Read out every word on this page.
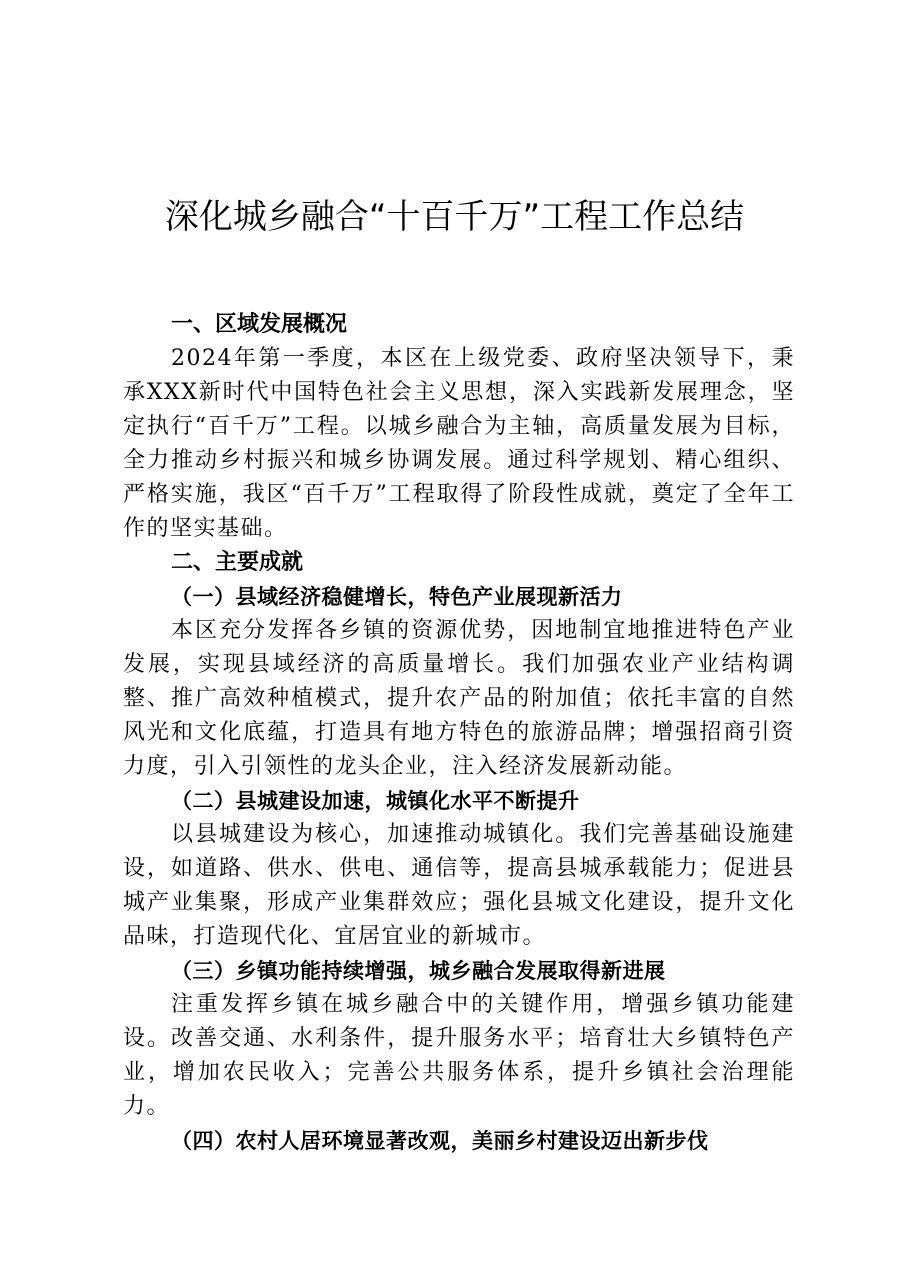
深化城乡融合“十百千万”工程工作总结
一、区域发展概况

2024年第一季度，本区在上级党委、政府坚决领导下，秉承XXX新时代中国特色社会主义思想，深入实践新发展理念，坚定执行“百千万”工程。以城乡融合为主轴，高质量发展为目标，全力推动乡村振兴和城乡协调发展。通过科学规划、精心组织、严格实施，我区“百千万”工程取得了阶段性成就，奠定了全年工作的坚实基础。

二、主要成就
（一）县域经济稳健增长，特色产业展现新活力

本区充分发挥各乡镇的资源优势，因地制宜地推进特色产业发展，实现县域经济的高质量增长。我们加强农业产业结构调整、推广高效种植模式，提升农产品的附加值；依托丰富的自然风光和文化底蕴，打造具有地方特色的旅游品牌；增强招商引资力度，引入引领性的龙头企业，注入经济发展新动能。

（二）县城建设加速，城镇化水平不断提升

以县城建设为核心，加速推动城镇化。我们完善基础设施建设，如道路、供水、供电、通信等，提高县城承载能力；促进县城产业集聚，形成产业集群效应；强化县城文化建设，提升文化品味，打造现代化、宜居宜业的新城市。

（三）乡镇功能持续增强，城乡融合发展取得新进展

注重发挥乡镇在城乡融合中的关键作用，增强乡镇功能建设。改善交通、水利条件，提升服务水平；培育壮大乡镇特色产业，增加农民收入；完善公共服务体系，提升乡镇社会治理能力。

（四）农村人居环境显著改观，美丽乡村建设迈出新步伐
